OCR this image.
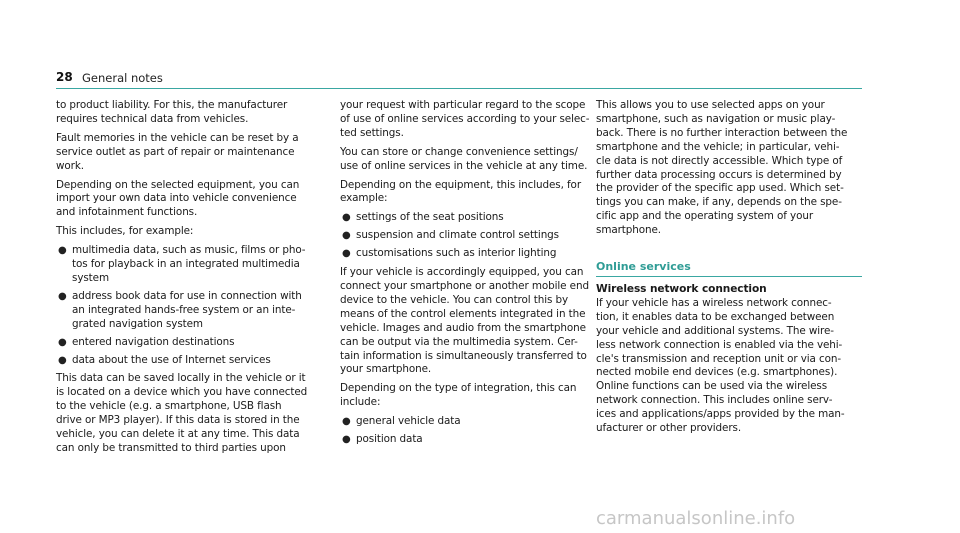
28 General notes

to product liability. For this, the manufacturer
requires technical data from vehicles.

Fault memories in the vehicle can be reset by a
service outlet as part of repair or maintenance
work.

Depending on the selected equipment, you can
import your own data into vehicle convenience
and infotainment functions.

This includes, for example:

● multimedia data, such as music, films or pho-
tos for playback in an integrated multimedia
system
● address book data for use in connection with
an integrated hands-free system or an inte-
grated navigation system
● entered navigation destinations
● data about the use of Internet services

This data can be saved locally in the vehicle or it
is located on a device which you have connected
to the vehicle (e.g. a smartphone, USB flash
drive or MP3 player). If this data is stored in the
vehicle, you can delete it at any time. This data
can only be transmitted to third parties upon

your request with particular regard to the scope
of use of online services according to your selec-
ted settings.

You can store or change convenience settings/
use of online services in the vehicle at any time.

Depending on the equipment, this includes, for
example:

● settings of the seat positions
● suspension and climate control settings
● customisations such as interior lighting

If your vehicle is accordingly equipped, you can
connect your smartphone or another mobile end
device to the vehicle. You can control this by
means of the control elements integrated in the
vehicle. Images and audio from the smartphone
can be output via the multimedia system. Cer-
tain information is simultaneously transferred to
your smartphone.

Depending on the type of integration, this can
include:

● general vehicle data
● position data

This allows you to use selected apps on your
smartphone, such as navigation or music play-
back. There is no further interaction between the
smartphone and the vehicle; in particular, vehi-
cle data is not directly accessible. Which type of
further data processing occurs is determined by
the provider of the specific app used. Which set-
tings you can make, if any, depends on the spe-
cific app and the operating system of your
smartphone.

Online services

Wireless network connection

If your vehicle has a wireless network connec-
tion, it enables data to be exchanged between
your vehicle and additional systems. The wire-
less network connection is enabled via the vehi-
cle's transmission and reception unit or via con-
nected mobile end devices (e.g. smartphones).
Online functions can be used via the wireless
network connection. This includes online serv-
ices and applications/apps provided by the man-
ufacturer or other providers.

carmanualsonline.info
